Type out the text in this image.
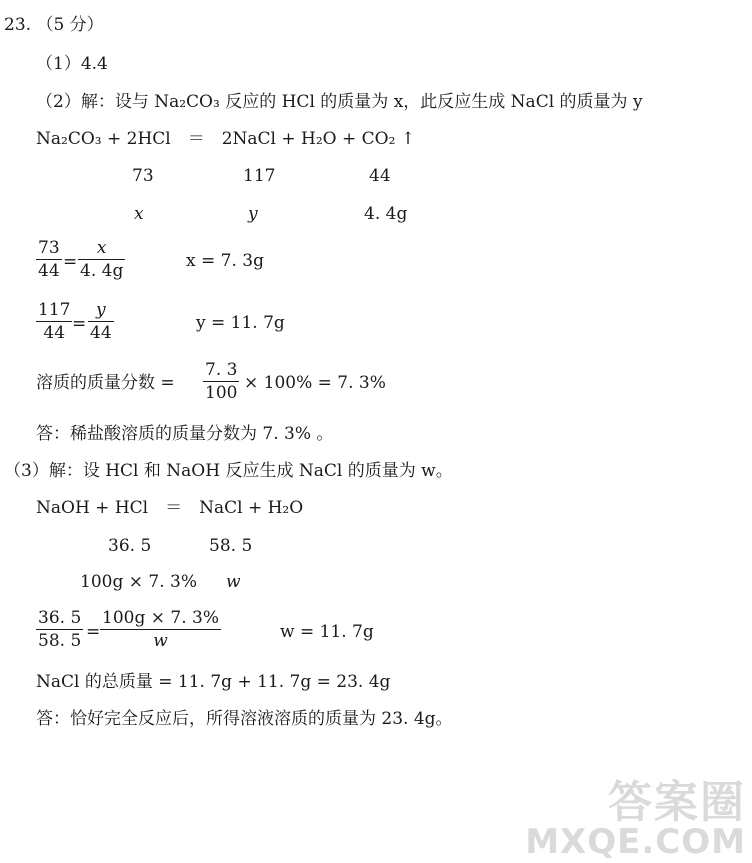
23. （5 分）
（1）4.4
（2）解：设与 Na₂CO₃ 反应的 HCl 的质量为 x，此反应生成 NaCl 的质量为 y
Na₂CO₃ + 2HCl　＝　2NaCl + H₂O + CO₂ ↑
73	117	44
x	y	4. 4g
73
44 =
x
4. 4g	x = 7. 3g
117
44 =
y
44	y = 11. 7g
溶质的质量分数 =
7. 3
100 × 100% = 7. 3%
答：稀盐酸溶质的质量分数为 7. 3% 。
（3）解：设 HCl 和 NaOH 反应生成 NaCl 的质量为 w。
NaOH + HCl　＝　NaCl + H₂O
36. 5	58. 5
100g × 7. 3% w
36. 5
58. 5 =
100g × 7. 3%
w	w = 11. 7g
NaCl 的总质量 = 11. 7g + 11. 7g = 23. 4g
答：恰好完全反应后，所得溶液溶质的质量为 23. 4g。
答案圈
MXQE.COM
